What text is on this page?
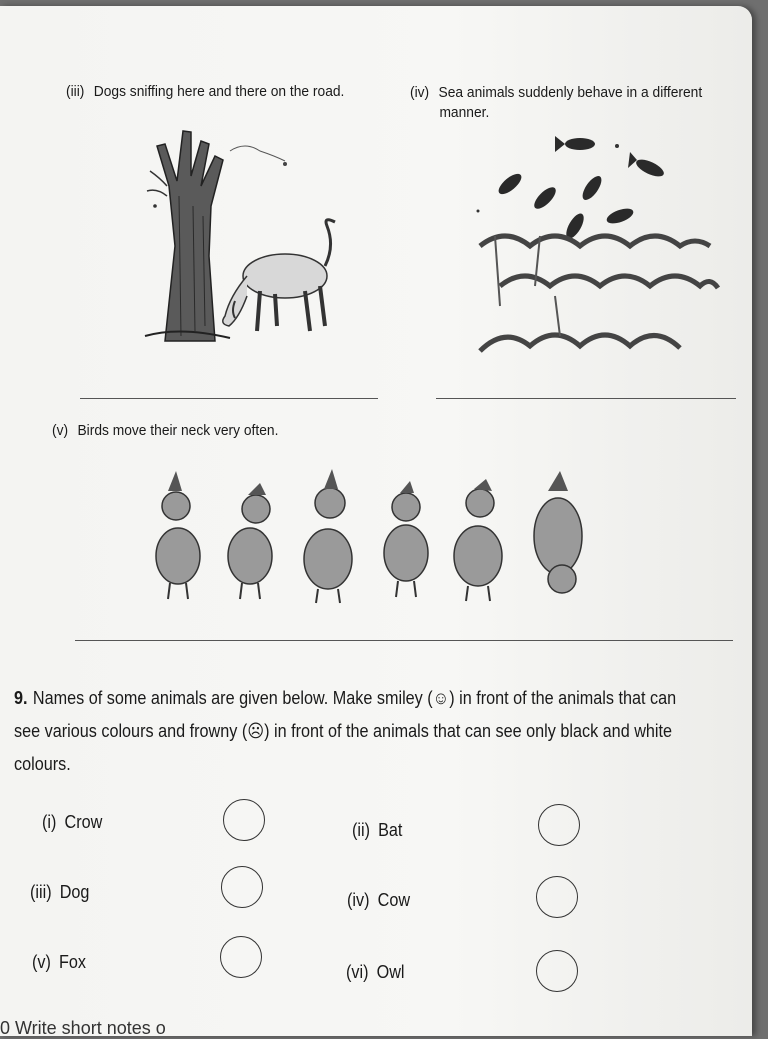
(iii) Dogs sniffing here and there on the road.	(iv) Sea animals suddenly behave in a different
manner.
(v) Birds move their neck very often.
9. Names of some animals are given below. Make smiley (☺) in front of the animals that can see various colours and frowny (☹) in front of the animals that can see only black and white colours.
(i) Crow	(ii) Bat
(iii) Dog	(iv) Cow
(v) Fox	(vi) Owl
0 Write short notes o
